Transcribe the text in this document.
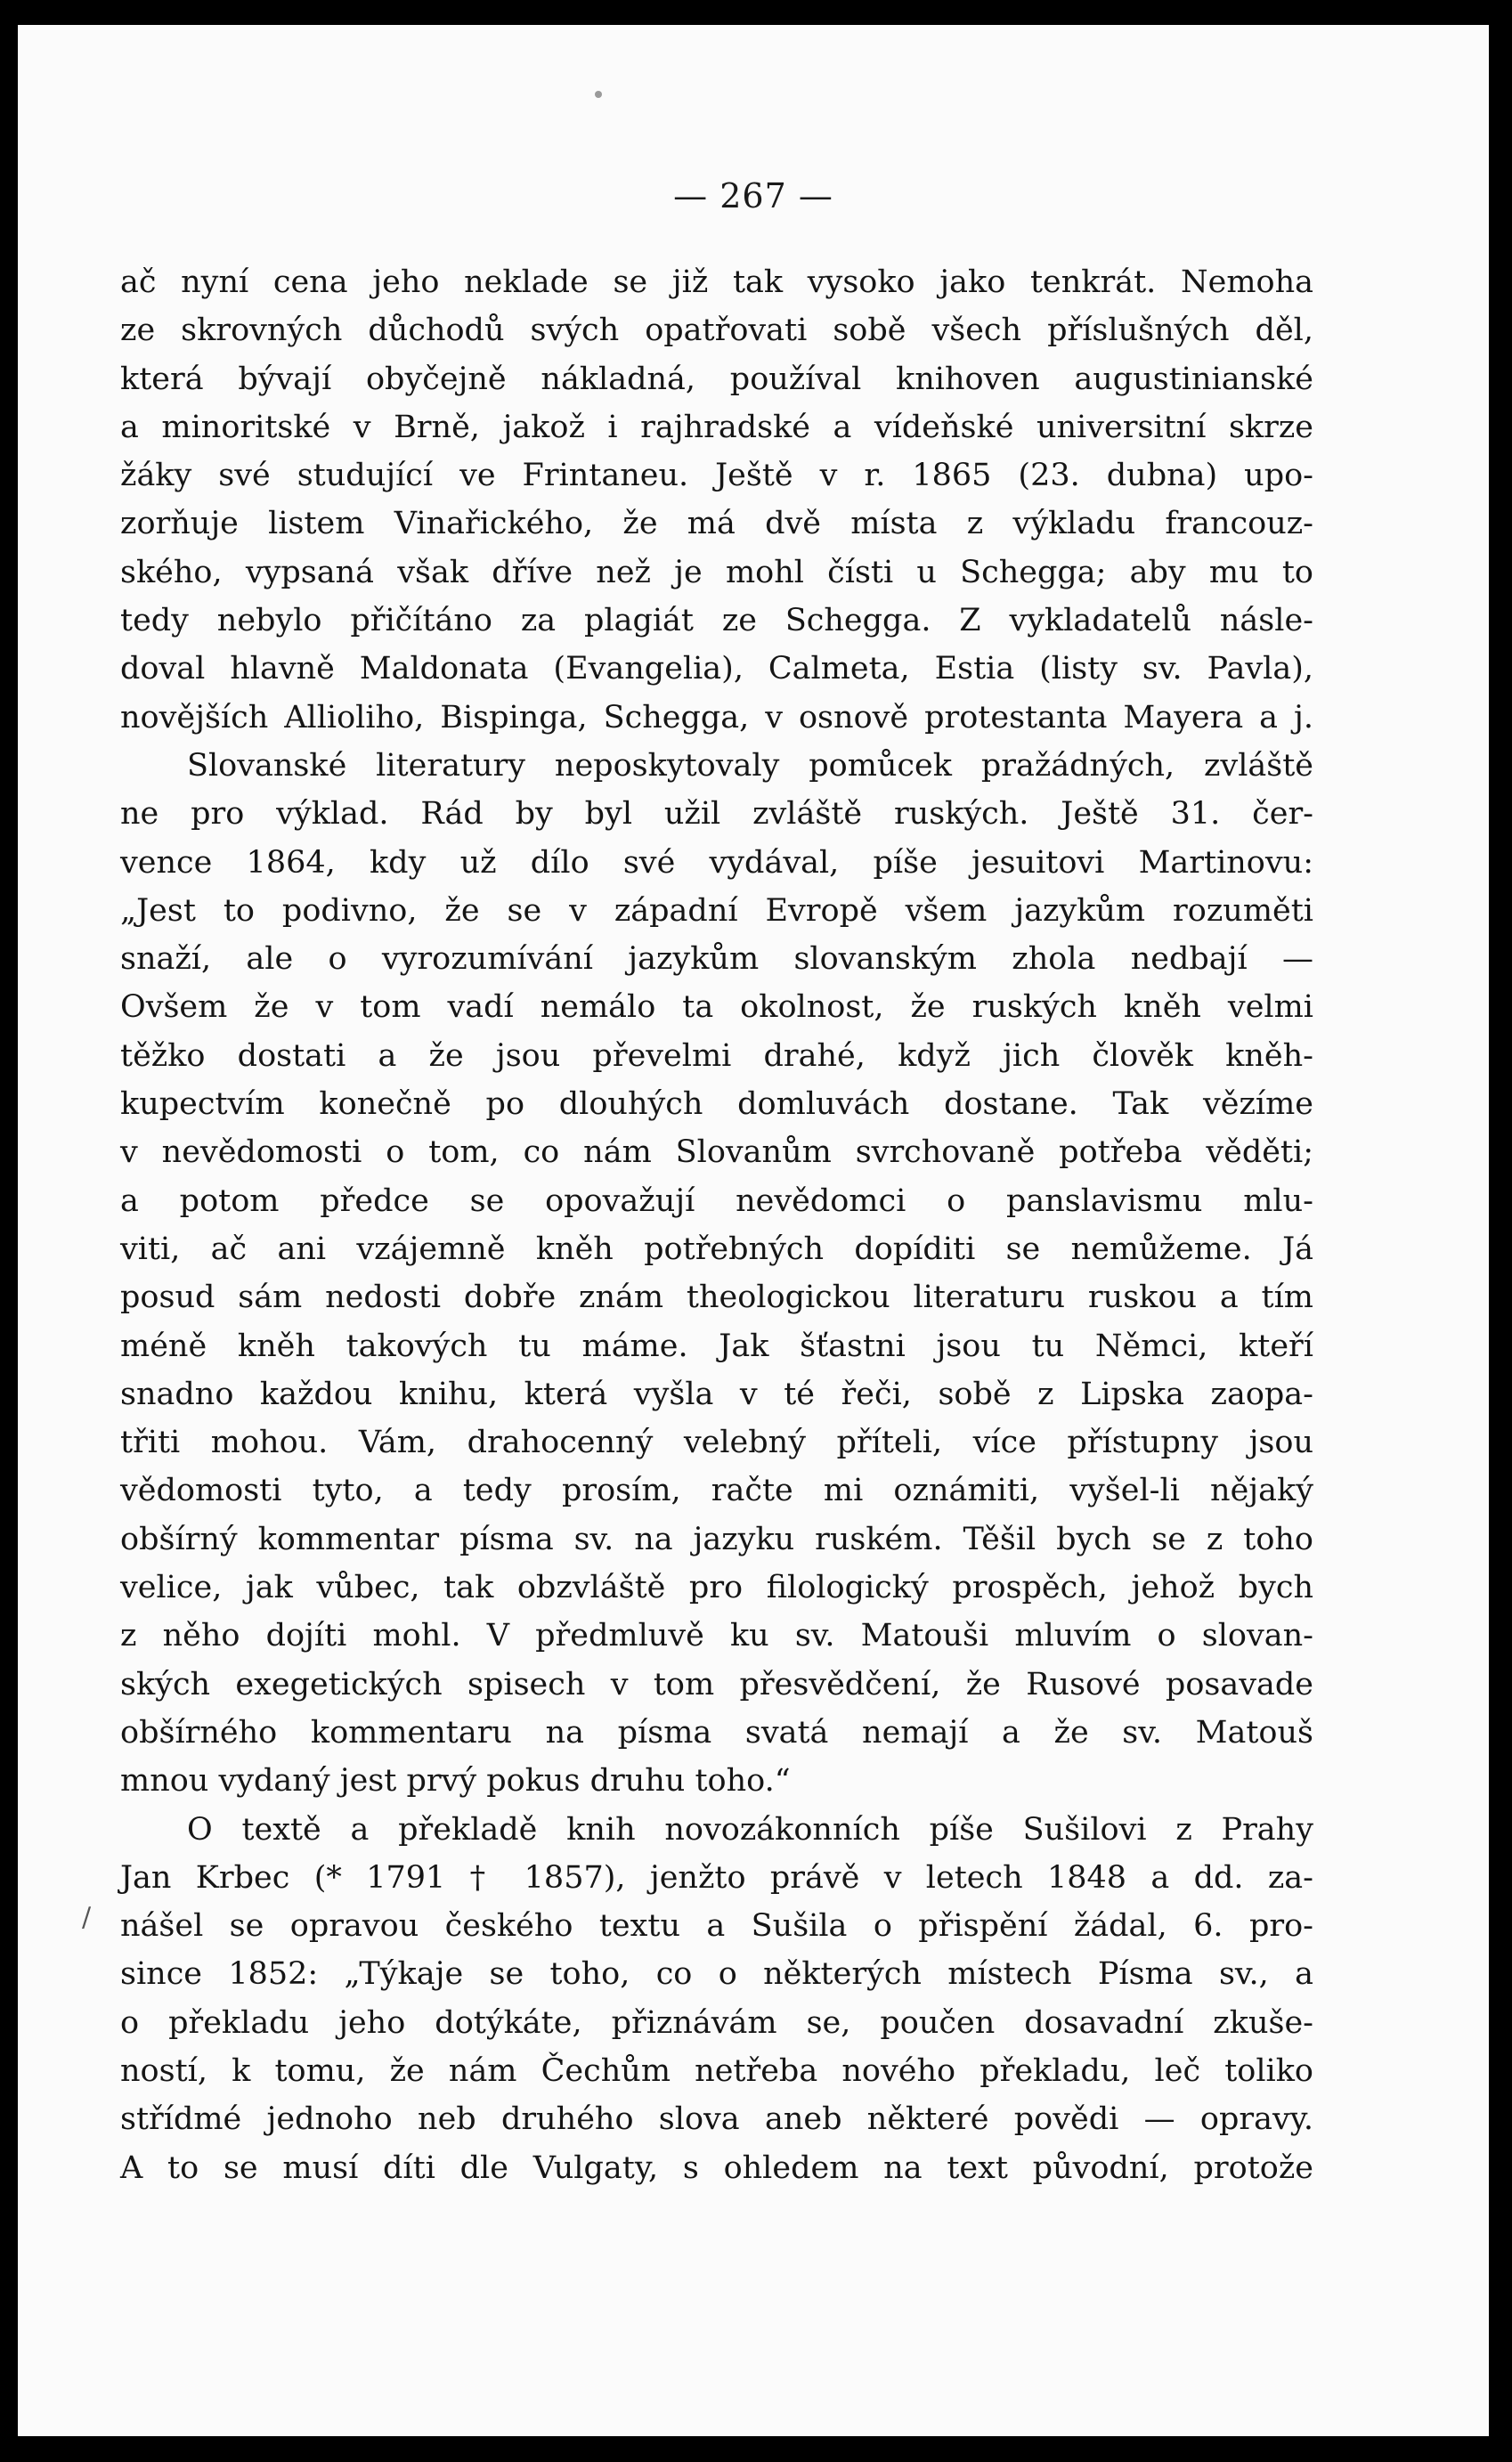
— 267 —
/
ač nyní cena jeho neklade se již tak vysoko jako tenkrát. Nemoha
ze skrovných důchodů svých opatřovati sobě všech příslušných děl,
která bývají obyčejně nákladná, používal knihoven augustinianské
a minoritské v Brně, jakož i rajhradské a vídeňské universitní skrze
žáky své studující ve Frintaneu. Ještě v r. 1865 (23. dubna) upo-
zorňuje listem Vinařického, že má dvě místa z výkladu francouz-
ského, vypsaná však dříve než je mohl čísti u Schegga; aby mu to
tedy nebylo přičítáno za plagiát ze Schegga. Z vykladatelů násle-
doval hlavně Maldonata (Evangelia), Calmeta, Estia (listy sv. Pavla),
novějších Allioliho, Bispinga, Schegga, v osnově protestanta Mayera a j.
Slovanské literatury neposkytovaly pomůcek pražádných, zvláště
ne pro výklad. Rád by byl užil zvláště ruských. Ještě 31. čer-
vence 1864, kdy už dílo své vydával, píše jesuitovi Martinovu:
„Jest to podivno, že se v západní Evropě všem jazykům rozuměti
snaží, ale o vyrozumívání jazykům slovanským zhola nedbají —
Ovšem že v tom vadí nemálo ta okolnost, že ruských kněh velmi
těžko dostati a že jsou převelmi drahé, když jich člověk kněh-
kupectvím konečně po dlouhých domluvách dostane. Tak vězíme
v nevědomosti o tom, co nám Slovanům svrchovaně potřeba věděti;
a potom předce se opovažují nevědomci o panslavismu mlu-
viti, ač ani vzájemně kněh potřebných dopíditi se nemůžeme. Já
posud sám nedosti dobře znám theologickou literaturu ruskou a tím
méně kněh takových tu máme. Jak šťastni jsou tu Němci, kteří
snadno každou knihu, která vyšla v té řeči, sobě z Lipska zaopa-
třiti mohou. Vám, drahocenný velebný příteli, více přístupny jsou
vědomosti tyto, a tedy prosím, račte mi oznámiti, vyšel-li nějaký
obšírný kommentar písma sv. na jazyku ruském. Těšil bych se z toho
velice, jak vůbec, tak obzvláště pro filologický prospěch, jehož bych
z něho dojíti mohl. V předmluvě ku sv. Matouši mluvím o slovan-
ských exegetických spisech v tom přesvědčení, že Rusové posavade
obšírného kommentaru na písma svatá nemají a že sv. Matouš
mnou vydaný jest prvý pokus druhu toho.“
O textě a překladě knih novozákonních píše Sušilovi z Prahy
Jan Krbec (* 1791 † 1857), jenžto právě v letech 1848 a dd. za-
nášel se opravou českého textu a Sušila o přispění žádal, 6. pro-
since 1852: „Týkaje se toho, co o některých místech Písma sv., a
o překladu jeho dotýkáte, přiznávám se, poučen dosavadní zkuše-
ností, k tomu, že nám Čechům netřeba nového překladu, leč toliko
střídmé jednoho neb druhého slova aneb některé povědi — opravy.
A to se musí díti dle Vulgaty, s ohledem na text původní, protože
